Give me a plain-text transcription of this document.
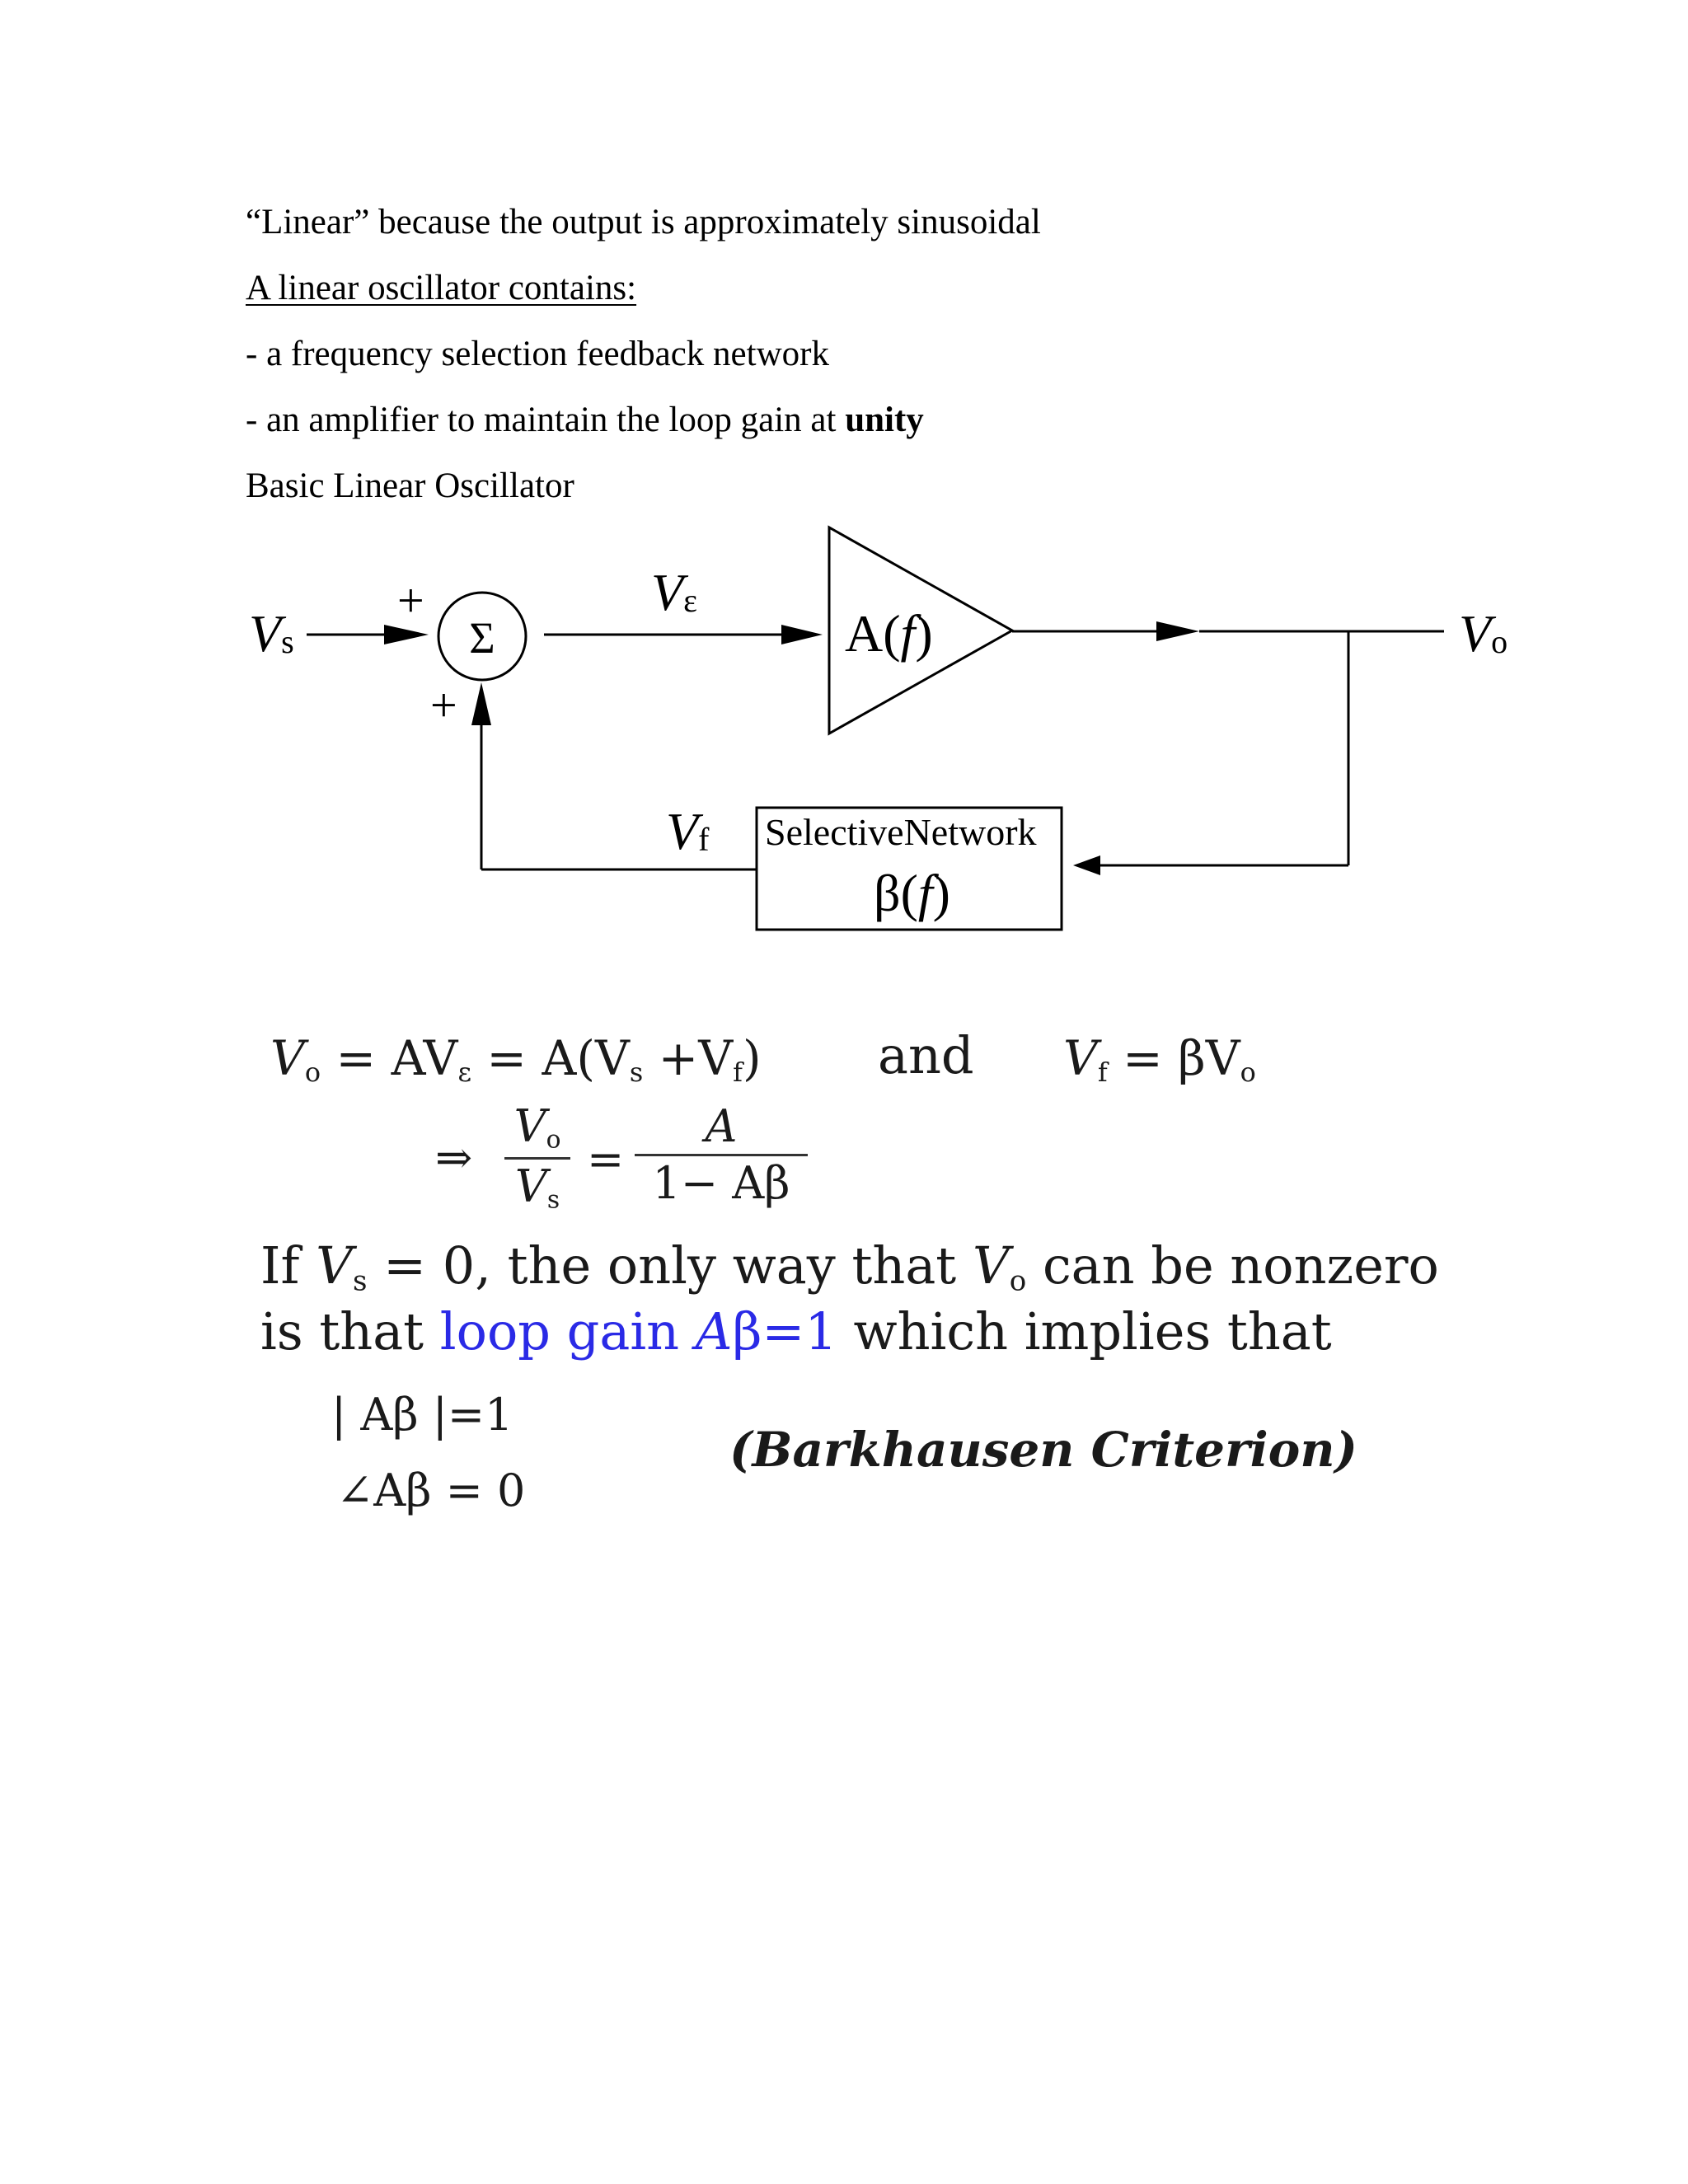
“Linear” because the output is approximately sinusoidal
A linear oscillator contains:
- a frequency selection feedback network
- an amplifier to maintain the loop gain at unity
Basic Linear Oscillator
Vs
+
+
Σ
Vε
A(f)	Vo
SelectiveNetwork
β(f)
Vf
$V_o = AV_\varepsilon = A(V_s +V_f)$ and $V_f = \beta V_o$
⇒
$V_o$
$V_s$
=
A
1− Aβ
If $V_s = 0$, the only way that $V_o$ can be nonzero
is that loop gain Aβ=1 which implies that
| Aβ |=1
∠Aβ = 0
(Barkhausen Criterion)
